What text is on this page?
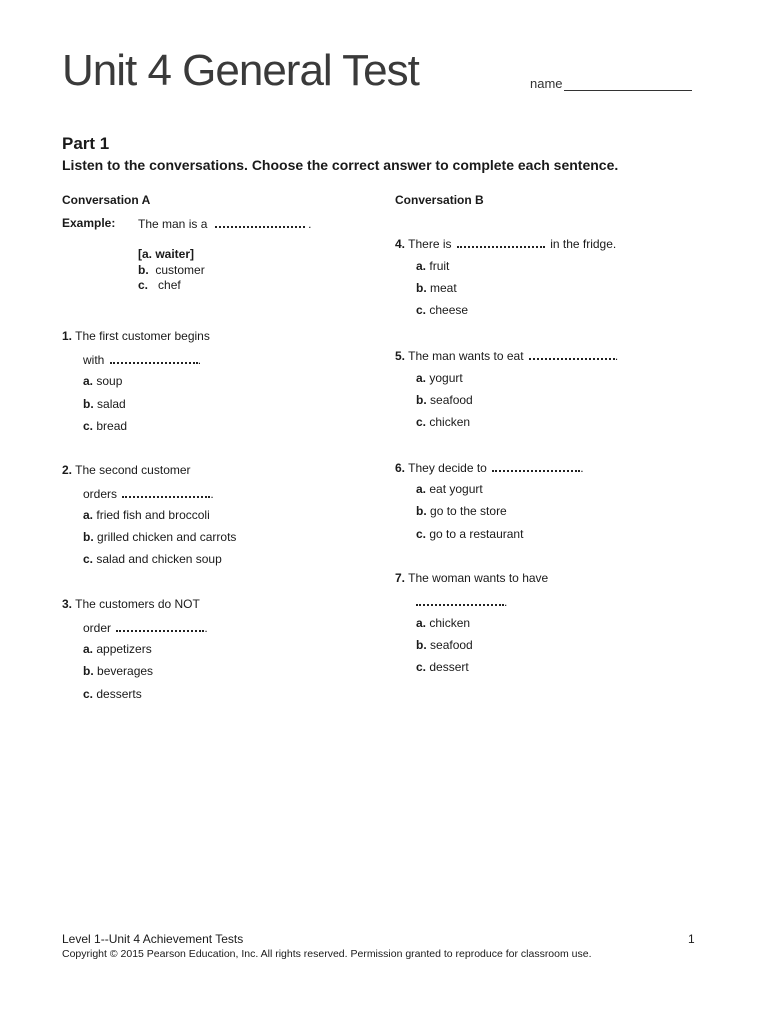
Unit 4 General Test	name
Part 1
Listen to the conversations. Choose the correct answer to complete each sentence.
Conversation A
Example: The man is a	.
[a. waiter]
b. customer
c. chef
1. The first customer begins
with	.
a. soup
b. salad
c. bread
2. The second customer
orders	.
a. fried fish and broccoli
b. grilled chicken and carrots
c. salad and chicken soup
3. The customers do NOT
order	.
a. appetizers
b. beverages
c. desserts
Conversation B
4. There is	in the fridge.
a. fruit
b. meat
c. cheese
5. The man wants to eat	.
a. yogurt
b. seafood
c. chicken
6. They decide to	.
a. eat yogurt
b. go to the store
c. go to a restaurant
7. The woman wants to have
.
a. chicken
b. seafood
c. dessert
Level 1--Unit 4 Achievement Tests
Copyright © 2015 Pearson Education, Inc. All rights reserved. Permission granted to reproduce for classroom use.
1
